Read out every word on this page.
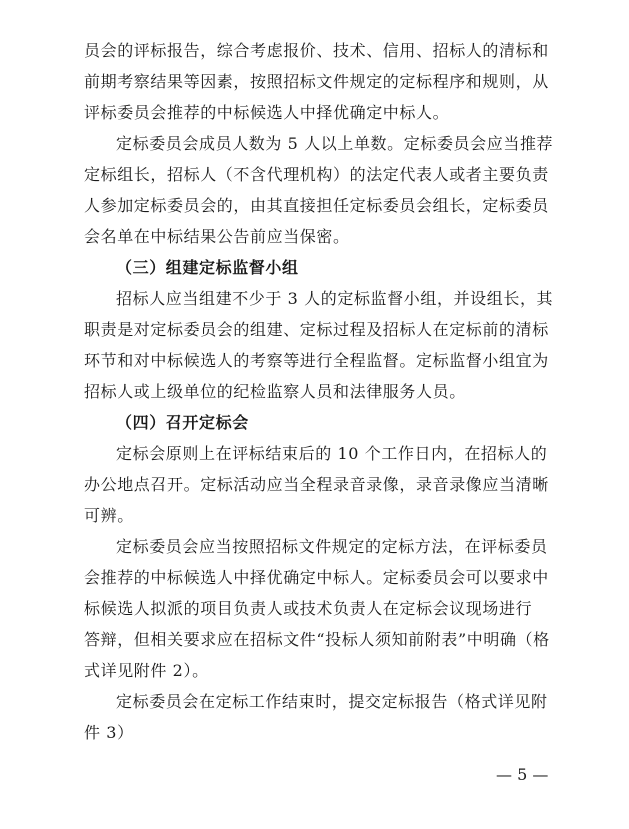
员会的评标报告，综合考虑报价、技术、信用、招标人的清标和
前期考察结果等因素，按照招标文件规定的定标程序和规则，从
评标委员会推荐的中标候选人中择优确定中标人。
定标委员会成员人数为 5 人以上单数。定标委员会应当推荐
定标组长，招标人（不含代理机构）的法定代表人或者主要负责
人参加定标委员会的，由其直接担任定标委员会组长，定标委员
会名单在中标结果公告前应当保密。
（三）组建定标监督小组
招标人应当组建不少于 3 人的定标监督小组，并设组长，其
职责是对定标委员会的组建、定标过程及招标人在定标前的清标
环节和对中标候选人的考察等进行全程监督。定标监督小组宜为
招标人或上级单位的纪检监察人员和法律服务人员。
（四）召开定标会
定标会原则上在评标结束后的 10 个工作日内，在招标人的
办公地点召开。定标活动应当全程录音录像，录音录像应当清晰
可辨。
定标委员会应当按照招标文件规定的定标方法，在评标委员
会推荐的中标候选人中择优确定中标人。定标委员会可以要求中
标候选人拟派的项目负责人或技术负责人在定标会议现场进行
答辩，但相关要求应在招标文件“投标人须知前附表”中明确（格
式详见附件 2）。
定标委员会在定标工作结束时，提交定标报告（格式详见附
件 3）
— 5 —
